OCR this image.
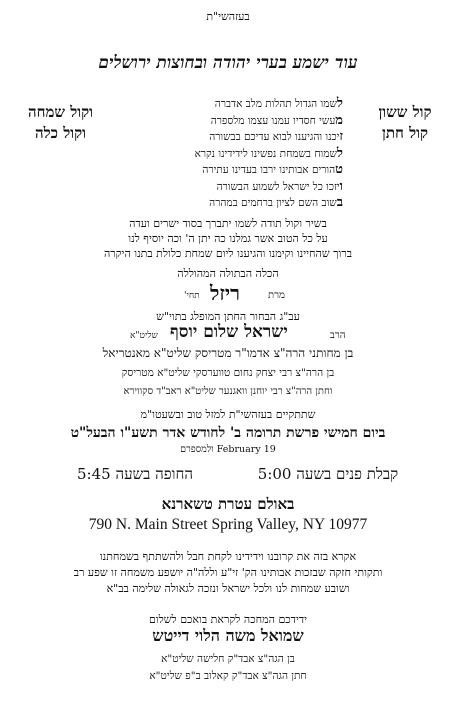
בעזהשי"ת
עוד ישמע בערי יהודה ובחוצות ירושלים
קול ששון
קול חתן
וקול שמחה
וקול כלה
לשמו הגדול תהלות מלב אדברה
מעשי חסדיו עמנו עצמו מלספרה
זיכנו והגיענו לבוא עדיכם בבשורה
לשמוח בשמחת נפשינו לידידינו נקרא
טהורים אבותינו ירבו בעדינו עתירה
ויזכו כל ישראל לשמוע הבשורה
בשוב השם לציון ברחמים במהרה
בשיר וקול תודה לשמו יתברך בסוד ישרים ועדה
על כל הטוב אשר גמלנו כה יתן ה' וכה יוסיף לנו
ברוך שהחיינו וקימנו והגיענו ליום שמחת כלולת בתנו היקרה
הכלה הבתולה המהוללה
מרת
ריזל
תחי'
עב"ג הבחור החתן המופלג בתוי"ש
הרב
ישראל שלום יוסף
שליט"א
בן מחותני הרה"צ אדמו"ר מטריסק שליט"א מאנטריאל
בן הרה"צ רבי יצחק נחום טווערסקי שליט"א מטריסק
וחתן הרה"צ רבי יוחנן וואגנער שליט"א ראב"ד סקווירא
שתתקיים בעזהשי"ת למזל טוב ובשעטו"מ
ביום חמישי פרשת תרומה ב' לחודש אדר תשע"ו הבעל"ט
February 19 ולמספרם
קבלת פנים בשעה 5:00
החופה בשעה 5:45
באולם עטרת טשארנא
790 N. Main Street Spring Valley, NY 10977
אקרא בזה את קרובנו וידידינו לקחת חבל ולהשתתף בשמחתנו
ותקותי חזקה שבזכות אבותינו הק' זי"ע וללה"ה יושפע משמחה זו שפע רב
ושובע שמחות לנו ולכל ישראל ונזכה לגאולה שלימה בב"א
ידידכם המחכה לקראת בואכם לשלום
שמואל משה הלוי דייטש
בן הגה"צ אבד"ק חלישה שליט"א
חתן הגה"צ אבד"ק קאלוב ב"פ שליט"א
